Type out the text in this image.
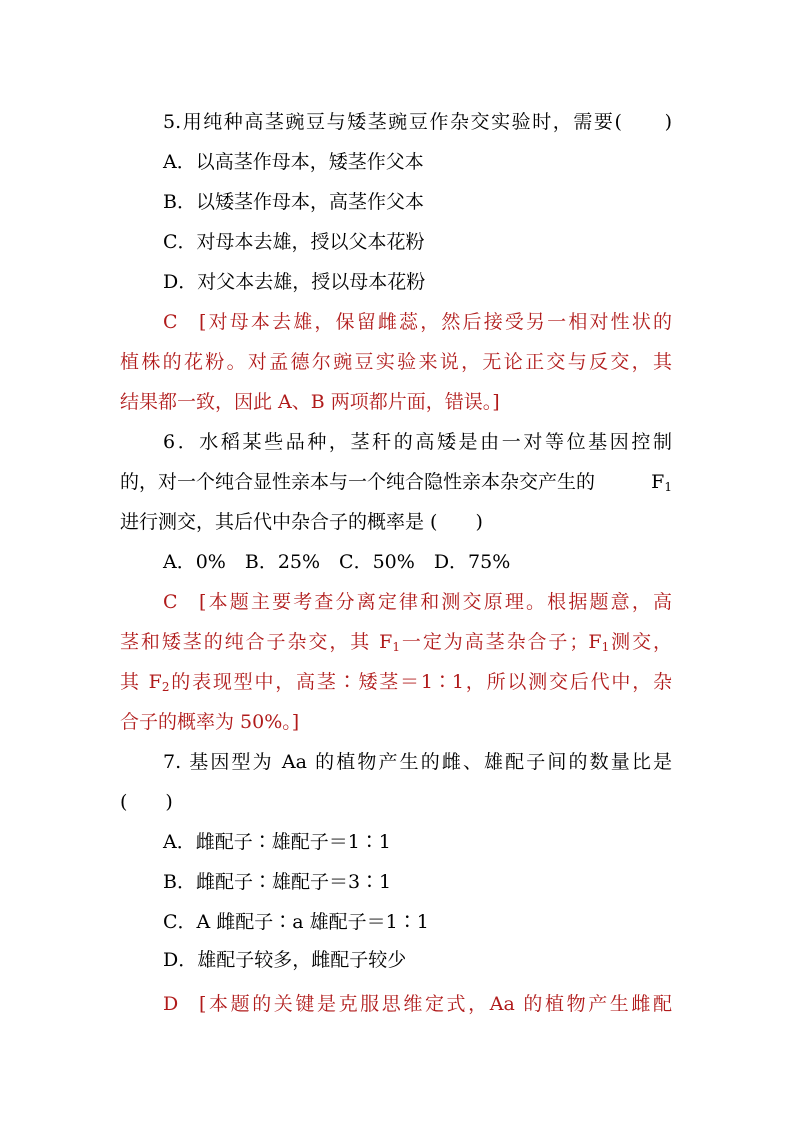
5.用纯种高茎豌豆与矮茎豌豆作杂交实验时，需要(　　)
A．以高茎作母本，矮茎作父本
B．以矮茎作母本，高茎作父本
C．对母本去雄，授以父本花粉
D．对父本去雄，授以母本花粉
C [对母本去雄，保留雌蕊，然后接受另一相对性状的
植株的花粉。对孟德尔豌豆实验来说，无论正交与反交，其
结果都一致，因此 A、B 两项都片面，错误。]
6．水稻某些品种，茎秆的高矮是由一对等位基因控制
的，对一个纯合显性亲本与一个纯合隐性亲本杂交产生的	$F_1$
进行测交，其后代中杂合子的概率是 (　　)
A．0%　B．25%　C．50%　D．75%
C [本题主要考查分离定律和测交原理。根据题意，高
茎和矮茎的纯合子杂交，其 $F_1$一定为高茎杂合子；$F_1$测交，
其 $F_2$的表现型中，高茎∶矮茎＝1∶1，所以测交后代中，杂
合子的概率为 50%。]
7. 基因型为 Aa 的植物产生的雌、雄配子间的数量比是
(　　)
A．雌配子∶雄配子＝1∶1
B．雌配子∶雄配子＝3∶1
C．A 雌配子∶a 雄配子＝1∶1
D．雄配子较多，雌配子较少
D [本题的关键是克服思维定式，Aa 的植物产生雌配
